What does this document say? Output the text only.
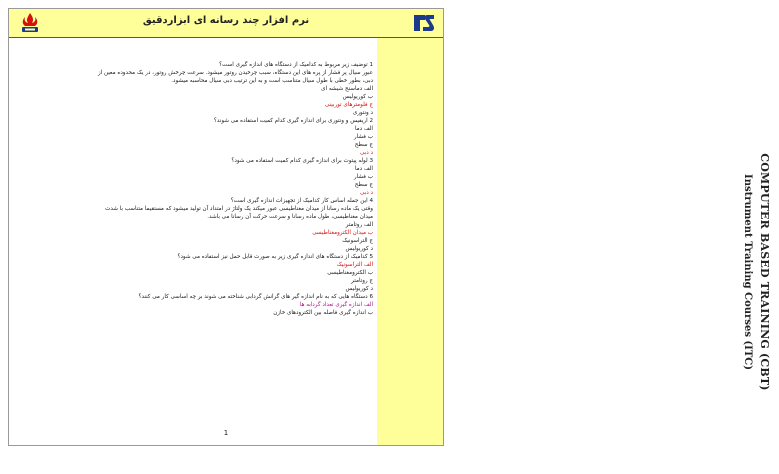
نرم افزار چند رسانه ای ابزاردقیق
COMPUTER BASED TRAINING (CBT)
Instrument Training Courses (ITC)
1 توضیف زیر مربوط به کدامیک از دستگاه های اندازه گیری است؟
عبور سیال پر فشار از پره های این دستگاه، سبب چرخیدن روتور میشود. سرعت چرخش روتور، در یک محدوده معین از
دبی، بطور خطی با طول سیال متناسب است و به این ترتیب دبی سیال محاسبه میشود.
الف دماسنج شیشه ای
ب کوریولیس
ج فلومترهای توربینی
د ونتوری
2 اریفیس و ونتوری برای اندازه گیری کدام کمیت استفاده می شوند؟
الف دما
ب فشار
ج سطح
د دبی
3 لوله پیتوت برای اندازه گیری کدام کمیت استفاده می شود؟
الف دما
ب فشار
ج سطح
د دبی
4 این جمله اساس کار کدامیک از تجهیزات اندازه گیری است؟
وقتی یک ماده رسانا از میدان مغناطیسی عبور میکند یک ولتاژ در امتداد آن تولید میشود که مستقیما متناسب با شدت
میدان مغناطیسی، طول ماده رسانا و سرعت حرکت آن رسانا می باشد.
الف روتامتر
ب میدان الکترومغناطیسی
ج التراسونیک
د کوریولیس
5 کدامیک از دستگاه های اندازه گیری زیر به صورت قابل حمل نیز استفاده می شود؟
الف التراسونیک
ب الکترومغناطیسی
ج روتامتر
د کوریولیس
6 دستگاه هایی که به نام اندازه گیر های گرانش گردابی شناخته می شوند بر چه اساسی کار می کنند؟
الف اندازه گیری تعداد گردابه ها
ب اندازه گیری فاصله بین الکترودهای خازن
1
